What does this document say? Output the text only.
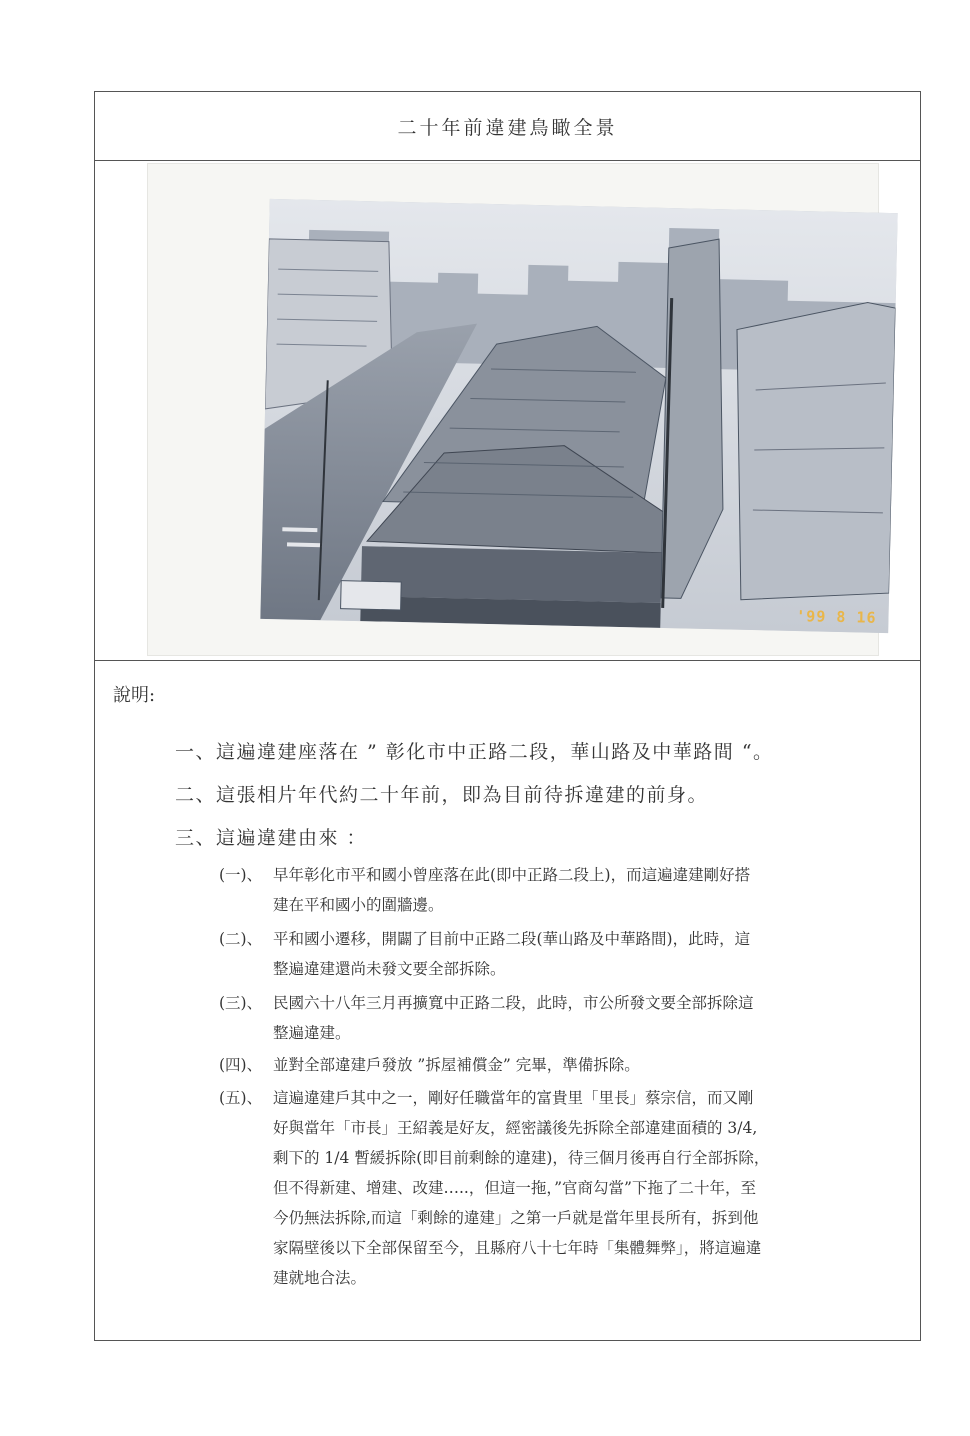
二十年前違建鳥瞰全景
'99 8 16
說明:
一、這遍違建座落在 ” 彰化市中正路二段，華山路及中華路間 “。
二、這張相片年代約二十年前，即為目前待拆違建的前身。
三、這遍違建由來 ：
(一)、 早年彰化市平和國小曾座落在此(即中正路二段上)，而這遍違建剛好搭
建在平和國小的圍牆邊。
(二)、 平和國小遷移，開闢了目前中正路二段(華山路及中華路間)，此時，這
整遍違建還尚未發文要全部拆除。
(三)、 民國六十八年三月再擴寬中正路二段，此時，市公所發文要全部拆除這
整遍違建。
(四)、 並對全部違建戶發放 ”拆屋補償金” 完畢，準備拆除。
(五)、 這遍違建戶其中之一，剛好任職當年的富貴里「里長」蔡宗信，而又剛
好與當年「市長」王紹義是好友，經密議後先拆除全部違建面積的 3/4,
剩下的 1/4 暫緩拆除(即目前剩餘的違建)，待三個月後再自行全部拆除，
但不得新建、增建、改建…..，但這一拖，”官商勾當”下拖了二十年，至
今仍無法拆除,而這「剩餘的違建」之第一戶就是當年里長所有，拆到他
家隔壁後以下全部保留至今，且縣府八十七年時「集體舞弊」，將這遍違
建就地合法。
